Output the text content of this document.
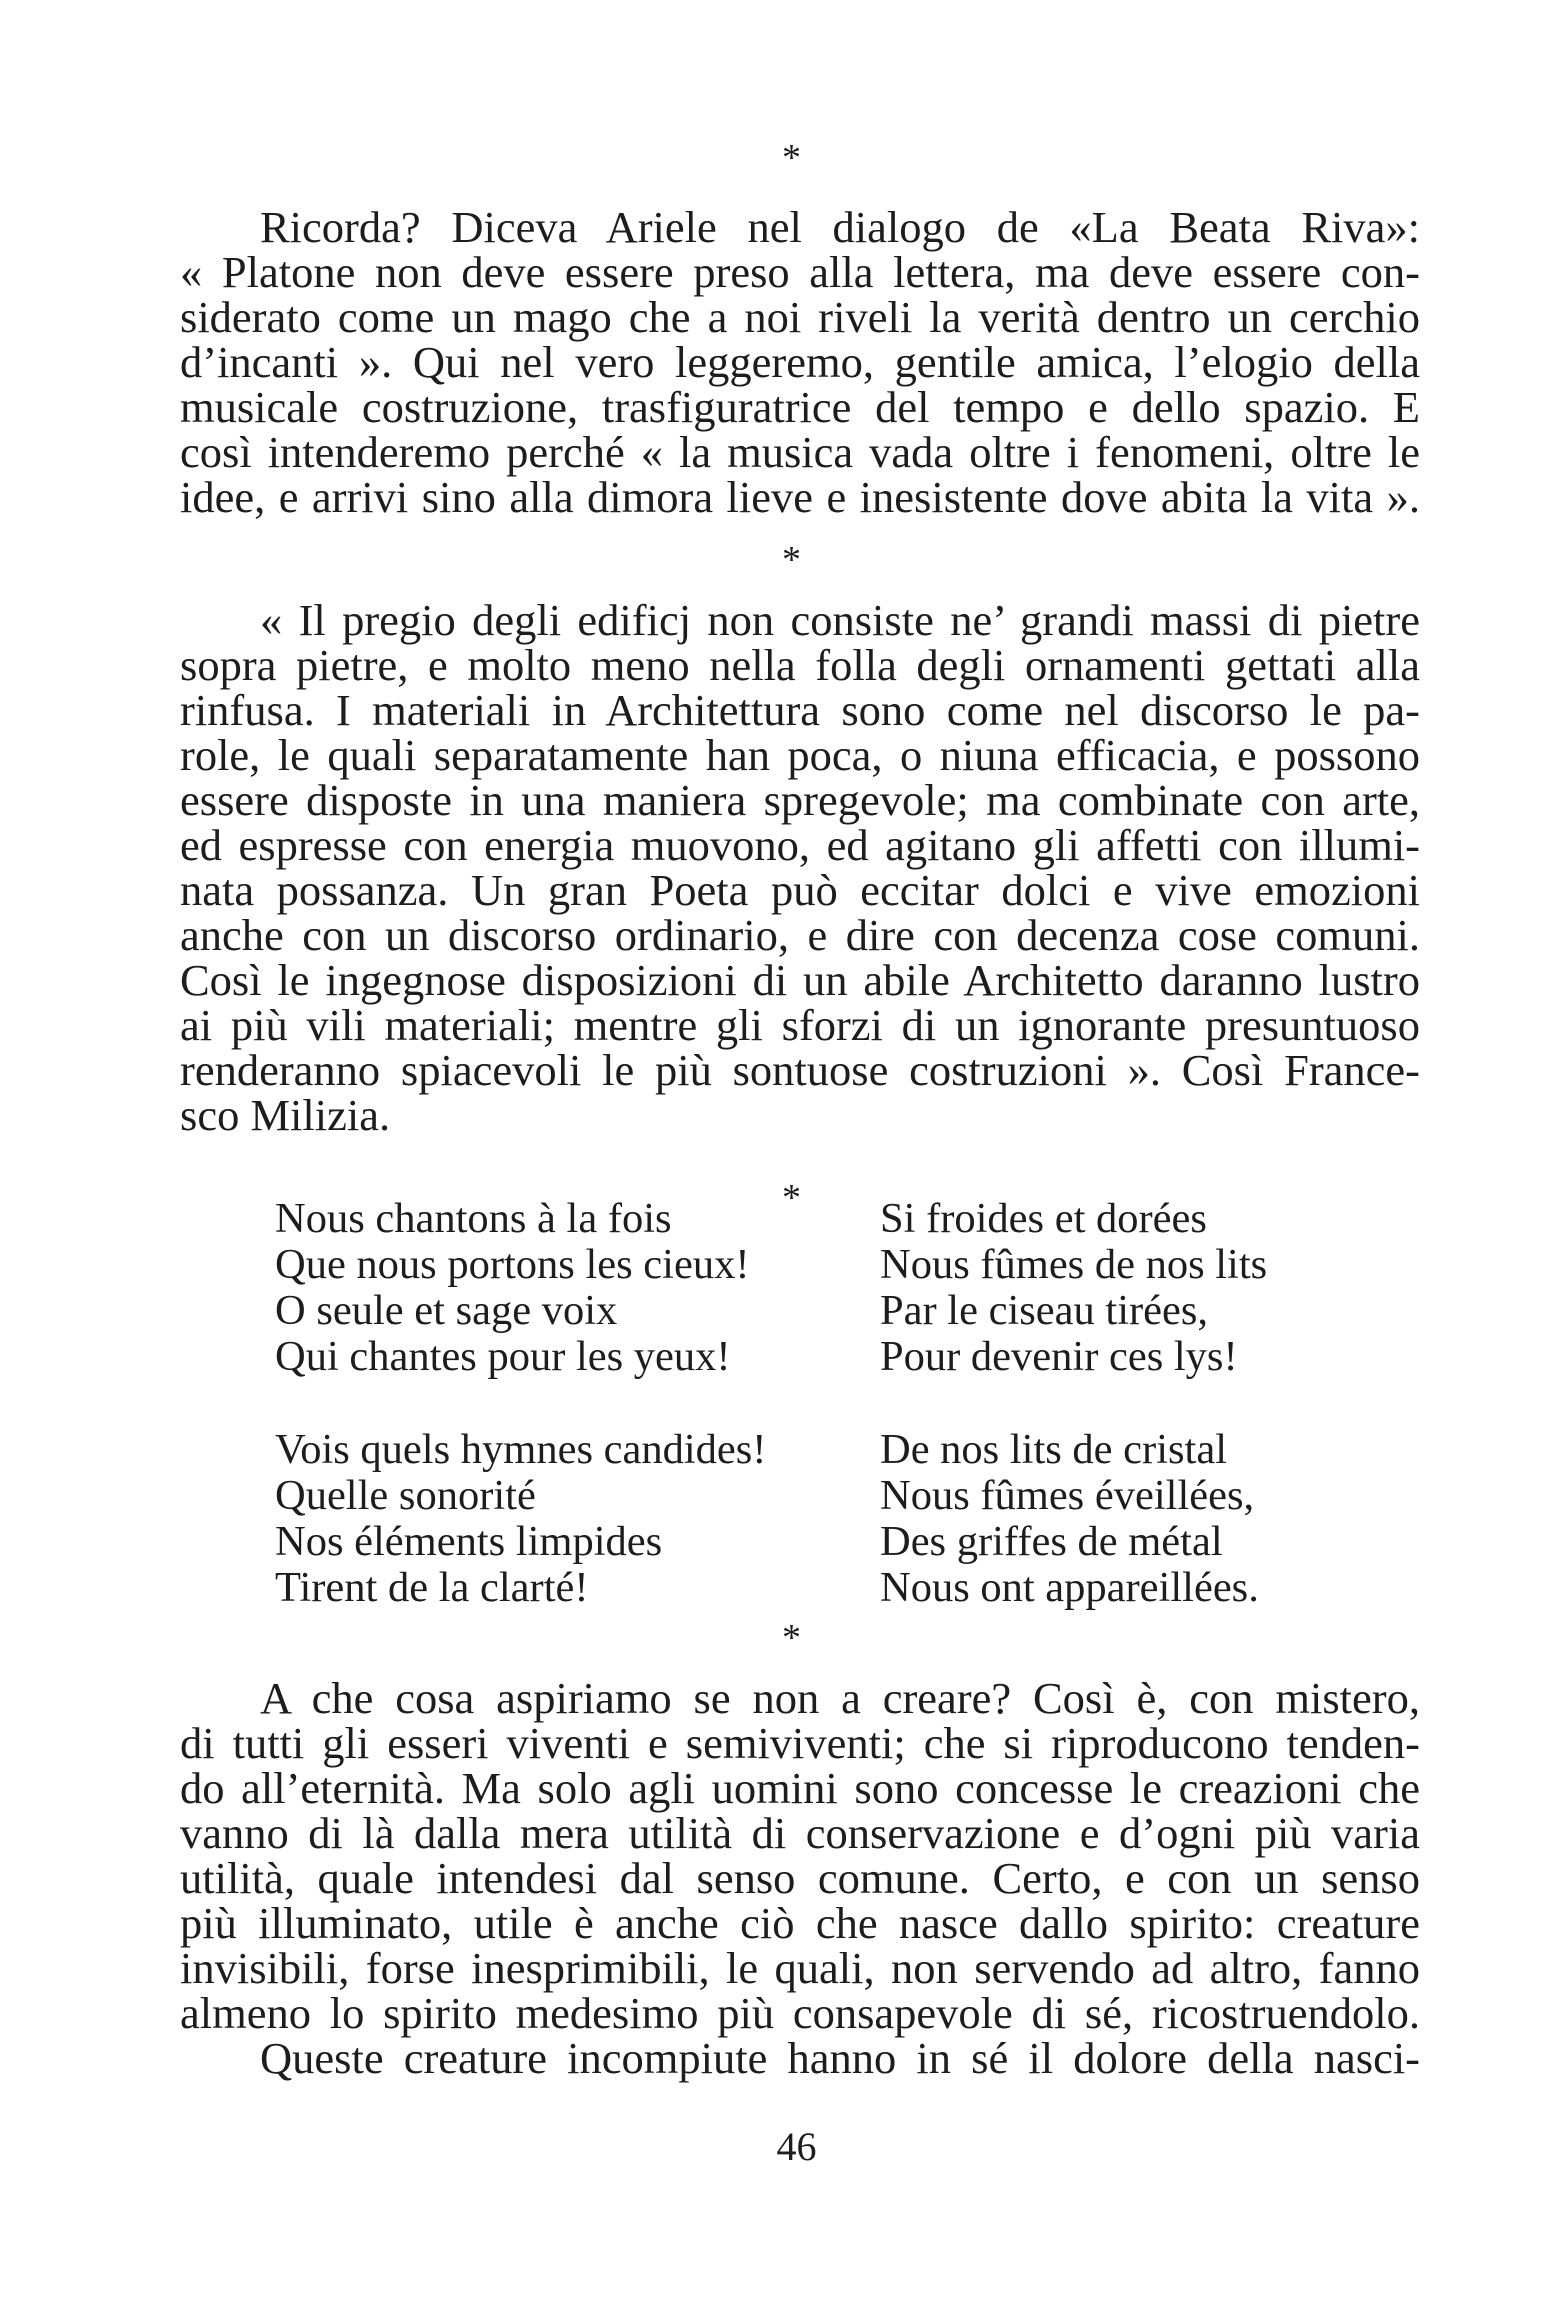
*
Ricorda? Diceva Ariele nel dialogo de «La Beata Riva»:
« Platone non deve essere preso alla lettera, ma deve essere con-
siderato come un mago che a noi riveli la verità dentro un cerchio
d’incanti ». Qui nel vero leggeremo, gentile amica, l’elogio della
musicale costruzione, trasfiguratrice del tempo e dello spazio. E
così intenderemo perché « la musica vada oltre i fenomeni, oltre le
idee, e arrivi sino alla dimora lieve e inesistente dove abita la vita ».
*
« Il pregio degli edificj non consiste ne’ grandi massi di pietre
sopra pietre, e molto meno nella folla degli ornamenti gettati alla
rinfusa. I materiali in Architettura sono come nel discorso le pa-
role, le quali separatamente han poca, o niuna efficacia, e possono
essere disposte in una maniera spregevole; ma combinate con arte,
ed espresse con energia muovono, ed agitano gli affetti con illumi-
nata possanza. Un gran Poeta può eccitar dolci e vive emozioni
anche con un discorso ordinario, e dire con decenza cose comuni.
Così le ingegnose disposizioni di un abile Architetto daranno lustro
ai più vili materiali; mentre gli sforzi di un ignorante presuntuoso
renderanno spiacevoli le più sontuose costruzioni ». Così France-
sco Milizia.
*
Nous chantons à la fois
Que nous portons les cieux!
O seule et sage voix
Qui chantes pour les yeux!
Vois quels hymnes candides!
Quelle sonorité
Nos éléments limpides
Tirent de la clarté!
Si froides et dorées
Nous fûmes de nos lits
Par le ciseau tirées,
Pour devenir ces lys!
De nos lits de cristal
Nous fûmes éveillées,
Des griffes de métal
Nous ont appareillées.
*
A che cosa aspiriamo se non a creare? Così è, con mistero,
di tutti gli esseri viventi e semiviventi; che si riproducono tenden-
do all’eternità. Ma solo agli uomini sono concesse le creazioni che
vanno di là dalla mera utilità di conservazione e d’ogni più varia
utilità, quale intendesi dal senso comune. Certo, e con un senso
più illuminato, utile è anche ciò che nasce dallo spirito: creature
invisibili, forse inesprimibili, le quali, non servendo ad altro, fanno
almeno lo spirito medesimo più consapevole di sé, ricostruendolo.
Queste creature incompiute hanno in sé il dolore della nasci-
46
